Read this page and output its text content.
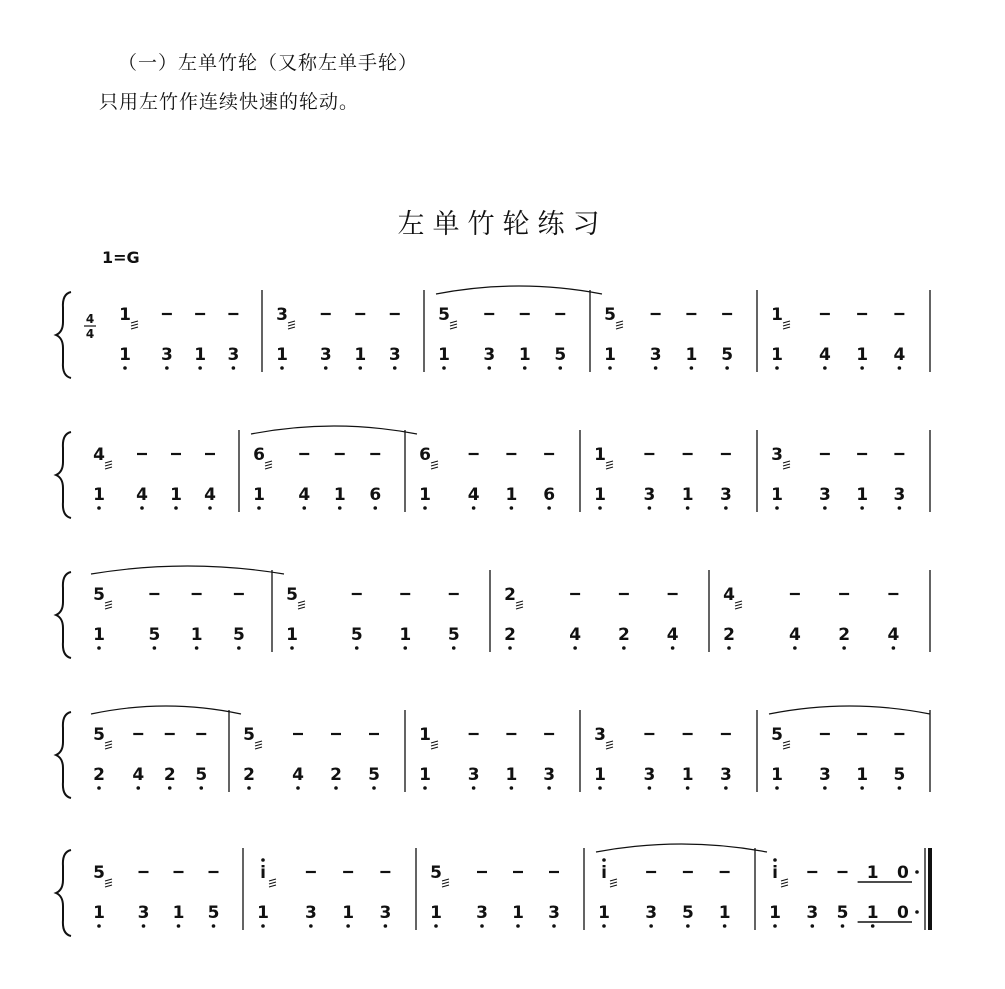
（一）左单竹轮（又称左单手轮）
只用左竹作连续快速的轮动。
左单竹轮练习
1=G
1
1 3 1 3
3
1 3 1 3
5
1 3 1 5
5
1 3 1 5
1
1 4 1 4
4
4
4
1 4 1 4
6
1 4 1 6
6
1 4 1 6
1
1 3 1 3
3
1 3 1 3
5
1	5 1 5
5
1	5 1 5
2
2	4 2 4
4
2	4 2 4
5
2 4 2 5
5
2 4 2 5
1
1 3 1 3
3
1 3 1 3
5
1 3 1 5
5
1 3 1 5
i
1 3 1 3
5
1 3 1 3
i
1 3 5 1
i	1 0
1 3 5 1 0
